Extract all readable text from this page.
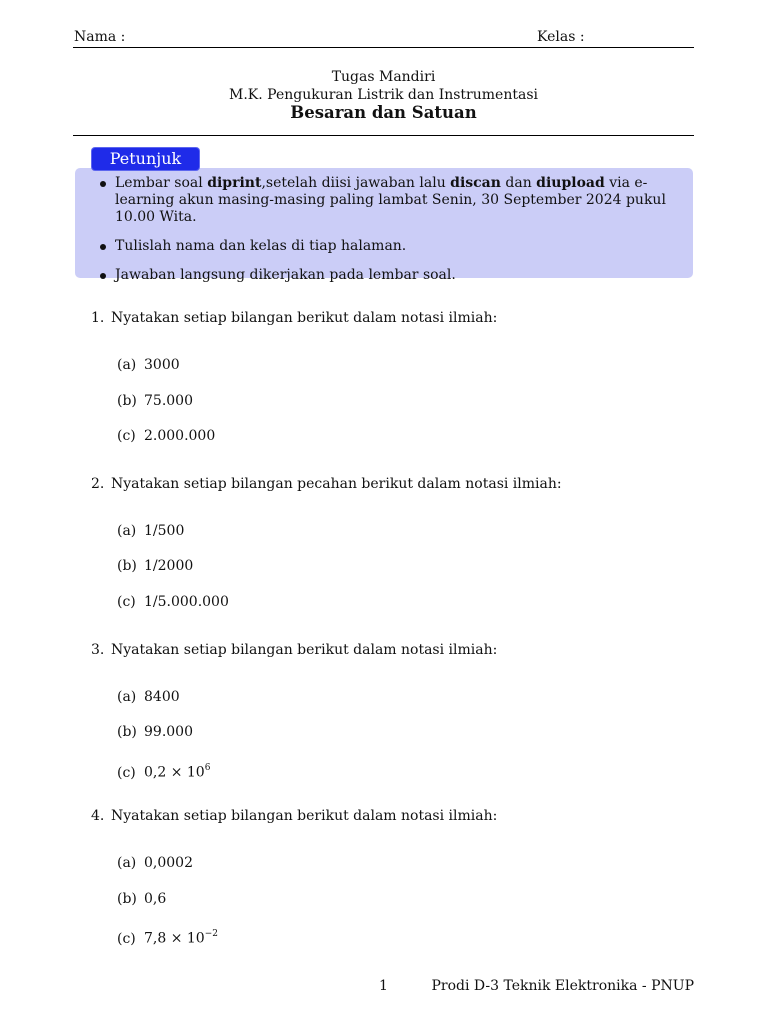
Nama :	Kelas :
Tugas Mandiri
M.K. Pengukuran Listrik dan Instrumentasi
Besaran dan Satuan
Lembar soal diprint,setelah diisi jawaban lalu discan dan diupload via e-learning akun masing-masing paling lambat Senin, 30 September 2024 pukul 10.00 Wita.
Tulislah nama dan kelas di tiap halaman.
Jawaban langsung dikerjakan pada lembar soal.
Petunjuk
1. Nyatakan setiap bilangan berikut dalam notasi ilmiah:
(a) 3000
(b) 75.000
(c) 2.000.000
2. Nyatakan setiap bilangan pecahan berikut dalam notasi ilmiah:
(a) 1/500
(b) 1/2000
(c) 1/5.000.000
3. Nyatakan setiap bilangan berikut dalam notasi ilmiah:
(a) 8400
(b) 99.000
(c) $0,2 \times 10^6$
4. Nyatakan setiap bilangan berikut dalam notasi ilmiah:
(a) 0,0002
(b) 0,6
(c) $7,8 \times 10^{-2}$
1	Prodi D-3 Teknik Elektronika - PNUP
